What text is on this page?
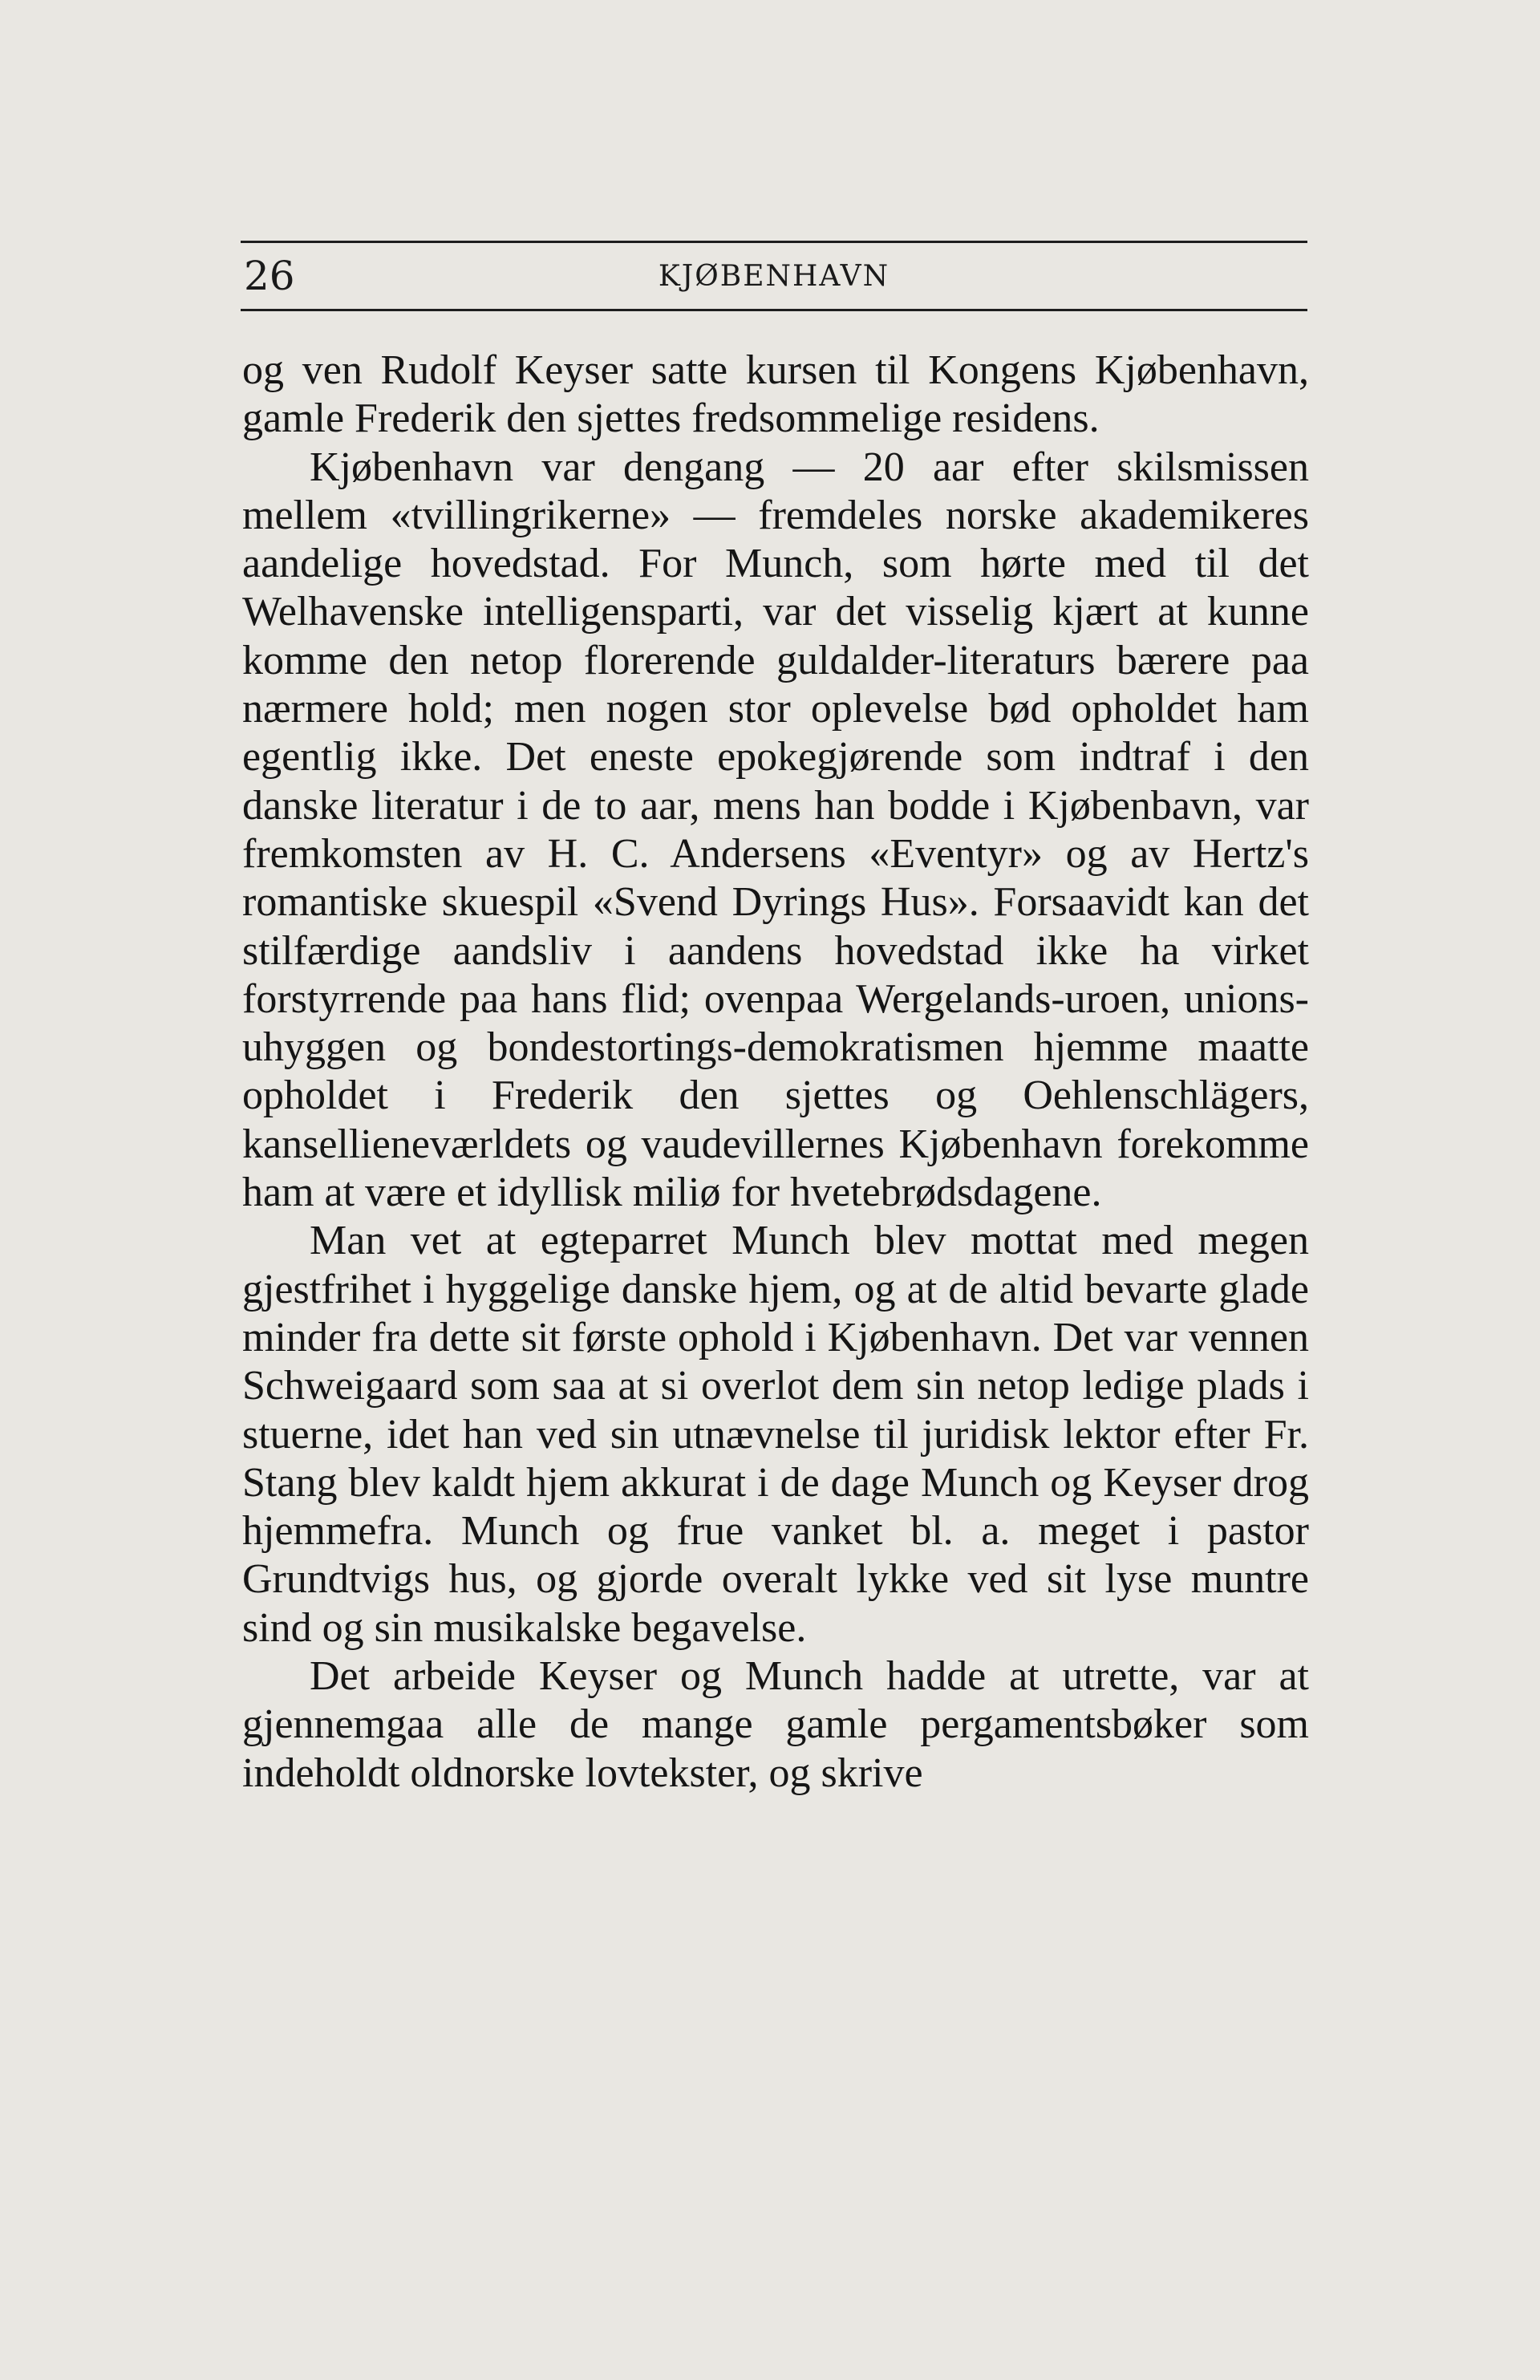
26	KJØBENHAVN

og ven Rudolf Keyser satte kursen til Kongens Kjøbenhavn, gamle Frederik den sjettes fredsommelige residens.

Kjøbenhavn var dengang — 20 aar efter skilsmissen mellem «tvillingrikerne» — fremdeles norske akademikeres aandelige hovedstad. For Munch, som hørte med til det Welhavenske intelligensparti, var det visselig kjært at kunne komme den netop florerende guldalder-literaturs bærere paa nærmere hold; men nogen stor oplevelse bød opholdet ham egentlig ikke. Det eneste epokegjørende som indtraf i den danske literatur i de to aar, mens han bodde i Kjøbenbavn, var fremkomsten av H. C. Andersens «Eventyr» og av Hertz's romantiske skuespil «Svend Dyrings Hus». Forsaavidt kan det stilfærdige aandsliv i aandens hovedstad ikke ha virket forstyrrende paa hans flid; ovenpaa Wergelands-uroen, unions-uhyggen og bondestortings-demokratismen hjemme maatte opholdet i Frederik den sjettes og Oehlenschlägers, kansellieneværldets og vaudevillernes Kjøbenhavn forekomme ham at være et idyllisk miliø for hvetebrødsdagene.

Man vet at egteparret Munch blev mottat med megen gjestfrihet i hyggelige danske hjem, og at de altid bevarte glade minder fra dette sit første ophold i Kjøbenhavn. Det var vennen Schweigaard som saa at si overlot dem sin netop ledige plads i stuerne, idet han ved sin utnævnelse til juridisk lektor efter Fr. Stang blev kaldt hjem akkurat i de dage Munch og Keyser drog hjemmefra. Munch og frue vanket bl. a. meget i pastor Grundtvigs hus, og gjorde overalt lykke ved sit lyse muntre sind og sin musikalske begavelse.

Det arbeide Keyser og Munch hadde at utrette, var at gjennemgaa alle de mange gamle pergamentsbøker som indeholdt oldnorske lovtekster, og skrive
